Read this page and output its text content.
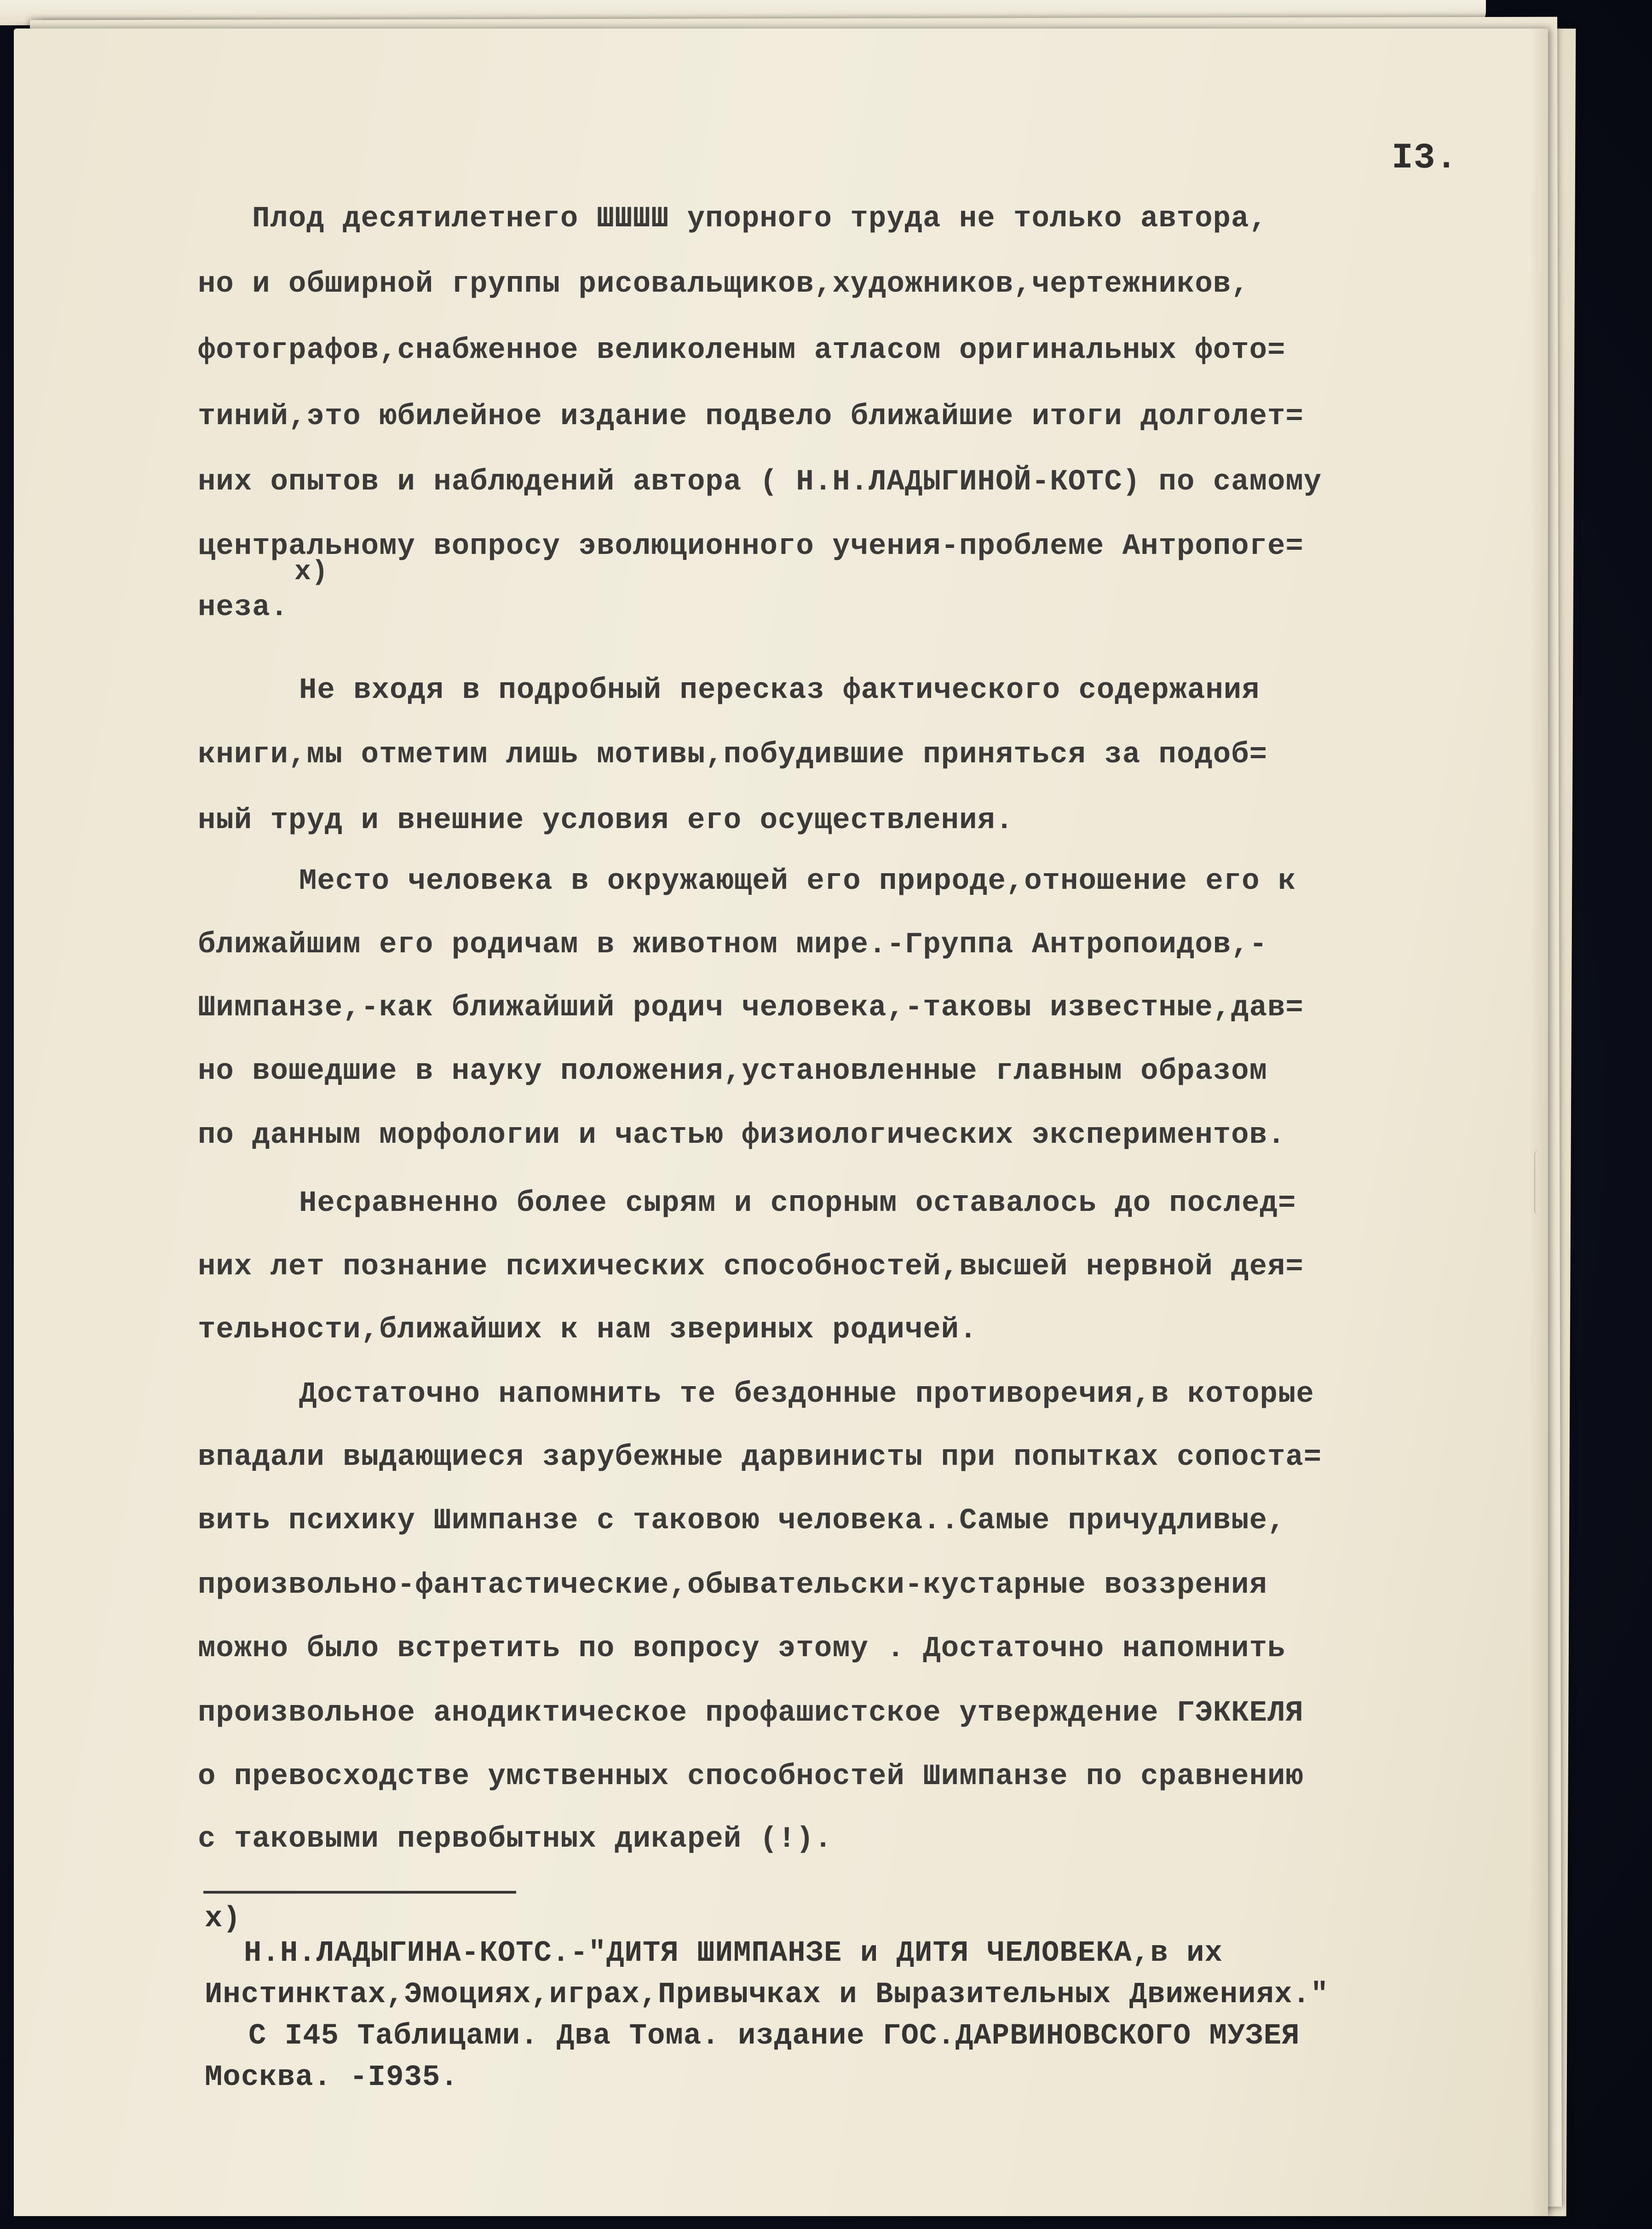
I3.
Плод десятилетнего ШШШШ упорного труда не только автора,
но и обширной группы рисовальщиков,художников,чертежников,
фотографов,снабженное великоленым атласом оригинальных фото=
тиний,это юбилейное издание подвело ближайшие итоги долголет=
них опытов и наблюдений автора ( Н.Н.ЛАДЫГИНОЙ-КОТС) по самому
центральному вопросу эволюционного учения-проблеме Антропоге=
x)
неза.
Не входя в подробный пересказ фактического содержания
книги,мы отметим лишь мотивы,побудившие приняться за подоб=
ный труд и внешние условия его осуществления.
Место человека в окружающей его природе,отношение его к
ближайшим его родичам в животном мире.-Группа Антропоидов,-
Шимпанзе,-как ближайший родич человека,-таковы известные,дав=
но вошедшие в науку положения,установленные главным образом
по данным морфологии и частью физиологических экспериментов.
Несравненно более сырям и спорным оставалось до послед=
них лет познание психических способностей,высшей нервной дея=
тельности,ближайших к нам звериных родичей.
Достаточно напомнить те бездонные противоречия,в которые
впадали выдающиеся зарубежные дарвинисты при попытках сопоста=
вить психику Шимпанзе с таковою человека..Самые причудливые,
произвольно-фантастические,обывательски-кустарные воззрения
можно было встретить по вопросу этому . Достаточно напомнить
произвольное анодиктическое профашистское утверждение ГЭККЕЛЯ
о превосходстве умственных способностей Шимпанзе по сравнению
с таковыми первобытных дикарей (!).
x)
Н.Н.ЛАДЫГИНА-КОТС.-"ДИТЯ ШИМПАНЗЕ и ДИТЯ ЧЕЛОВЕКА,в их
Инстинктах,Эмоциях,играх,Привычках и Выразительных Движениях."
С I45 Таблицами. Два Тома. издание ГОС.ДАРВИНОВСКОГО МУЗЕЯ
Москва. -I935.
